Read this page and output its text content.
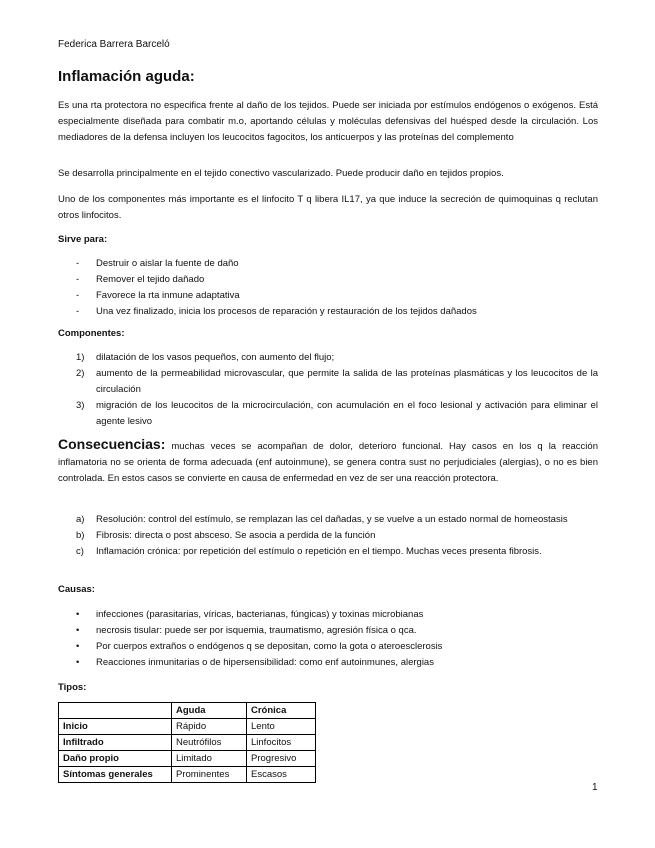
Federica Barrera Barceló
Inflamación aguda:

Es una rta protectora no especifica frente al daño de los tejidos. Puede ser iniciada por estímulos endógenos o exógenos. Está especialmente diseñada para combatir m.o, aportando células y moléculas defensivas del huésped desde la circulación. Los mediadores de la defensa incluyen los leucocitos fagocitos, los anticuerpos y las proteínas del complemento

Se desarrolla principalmente en el tejido conectivo vascularizado. Puede producir daño en tejidos propios.

Uno de los componentes más importante es el linfocito T q libera IL17, ya que induce la secreción de quimoquinas q reclutan otros linfocitos.

Sirve para:
- Destruir o aislar la fuente de daño
- Remover el tejido dañado
- Favorece la rta inmune adaptativa
- Una vez finalizado, inicia los procesos de reparación y restauración de los tejidos dañados
Componentes:
1) dilatación de los vasos pequeños, con aumento del flujo;
2) aumento de la permeabilidad microvascular, que permite la salida de las proteínas plasmáticas y los leucocitos de la circulación
3) migración de los leucocitos de la microcirculación, con acumulación en el foco lesional y activación para eliminar el agente lesivo

Consecuencias: muchas veces se acompañan de dolor, deterioro funcional. Hay casos en los q la reacción inflamatoria no se orienta de forma adecuada (enf autoinmune), se genera contra sust no perjudiciales (alergias), o no es bien controlada. En estos casos se convierte en causa de enfermedad en vez de ser una reacción protectora.

a) Resolución: control del estímulo, se remplazan las cel dañadas, y se vuelve a un estado normal de homeostasis
b) Fibrosis: directa o post absceso. Se asocia a perdida de la función
c) Inflamación crónica: por repetición del estímulo o repetición en el tiempo. Muchas veces presenta fibrosis.
Causas:
• infecciones (parasitarias, víricas, bacterianas, fúngicas) y toxinas microbianas
• necrosis tisular: puede ser por isquemia, traumatismo, agresión física o qca.
• Por cuerpos extraños o endógenos q se depositan, como la gota o ateroesclerosis
• Reacciones inmunitarias o de hipersensibilidad: como enf autoinmunes, alergias
Tipos:
	Aguda	Crónica
Inicio	Rápido	Lento
Infiltrado	Neutrófilos	Linfocitos
Daño propio	Limitado	Progresivo
Síntomas generales	Prominentes	Escasos
1
